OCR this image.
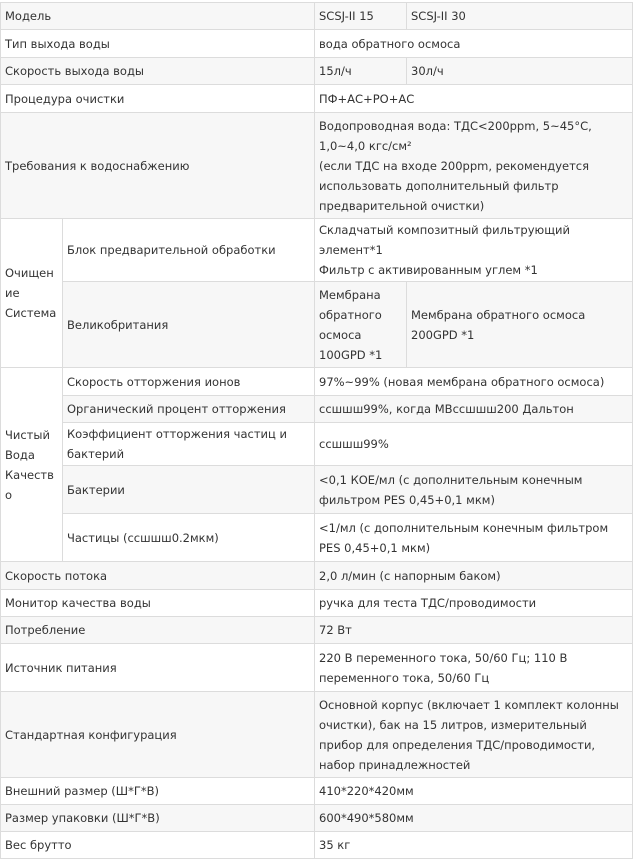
Модель		SCSJ-II 15	SCSJ-II 30
Тип выхода воды		вода обратного осмоса	
Скорость выхода воды		15л/ч	30л/ч
Процедура очистки		ПФ+АС+РО+АС	
Требования к водоснабжению		Водопроводная вода: ТДС<200ppm, 5~45°C, 1,0~4,0 кгс/см²
(если ТДС на входе 200ppm, рекомендуется использовать дополнительный фильтр предварительной очистки)	

Очищение Система	Блок предварительной обработки	Складчатый композитный фильтрующий элемент*1
Фильтр с активированным углем *1	

	Великобритания	Мембрана обратного осмоса 100GPD *1	Мембрана обратного осмоса 200GPD *1
Чистый Вода Качество	Скорость отторжения ионов	97%~99% (новая мембрана обратного осмоса)	
	Органический процент отторжения	ссшшш99%, когда MBссшшш200 Дальтон	
	Коэффициент отторжения частиц и бактерий	ссшшш99%	
	Бактерии	<0,1 КОЕ/мл (с дополнительным конечным фильтром PES 0,45+0,1 мкм)	
	Частицы (ссшшш0.2мкм)	<1/мл (с дополнительным конечным фильтром PES 0,45+0,1 мкм)	
Скорость потока		2,0 л/мин (с напорным баком)	
Монитор качества воды		ручка для теста ТДС/проводимости	
Потребление		72 Вт	
Источник питания		220 В переменного тока, 50/60 Гц; 110 В переменного тока, 50/60 Гц	
Стандартная конфигурация		Основной корпус (включает 1 комплект колонны очистки), бак на 15 литров, измерительный прибор для определения ТДС/проводимости, набор принадлежностей	
Внешний размер (Ш*Г*В)		410*220*420мм	
Размер упаковки (Ш*Г*В)		600*490*580мм	
Вес брутто		35 кг	
